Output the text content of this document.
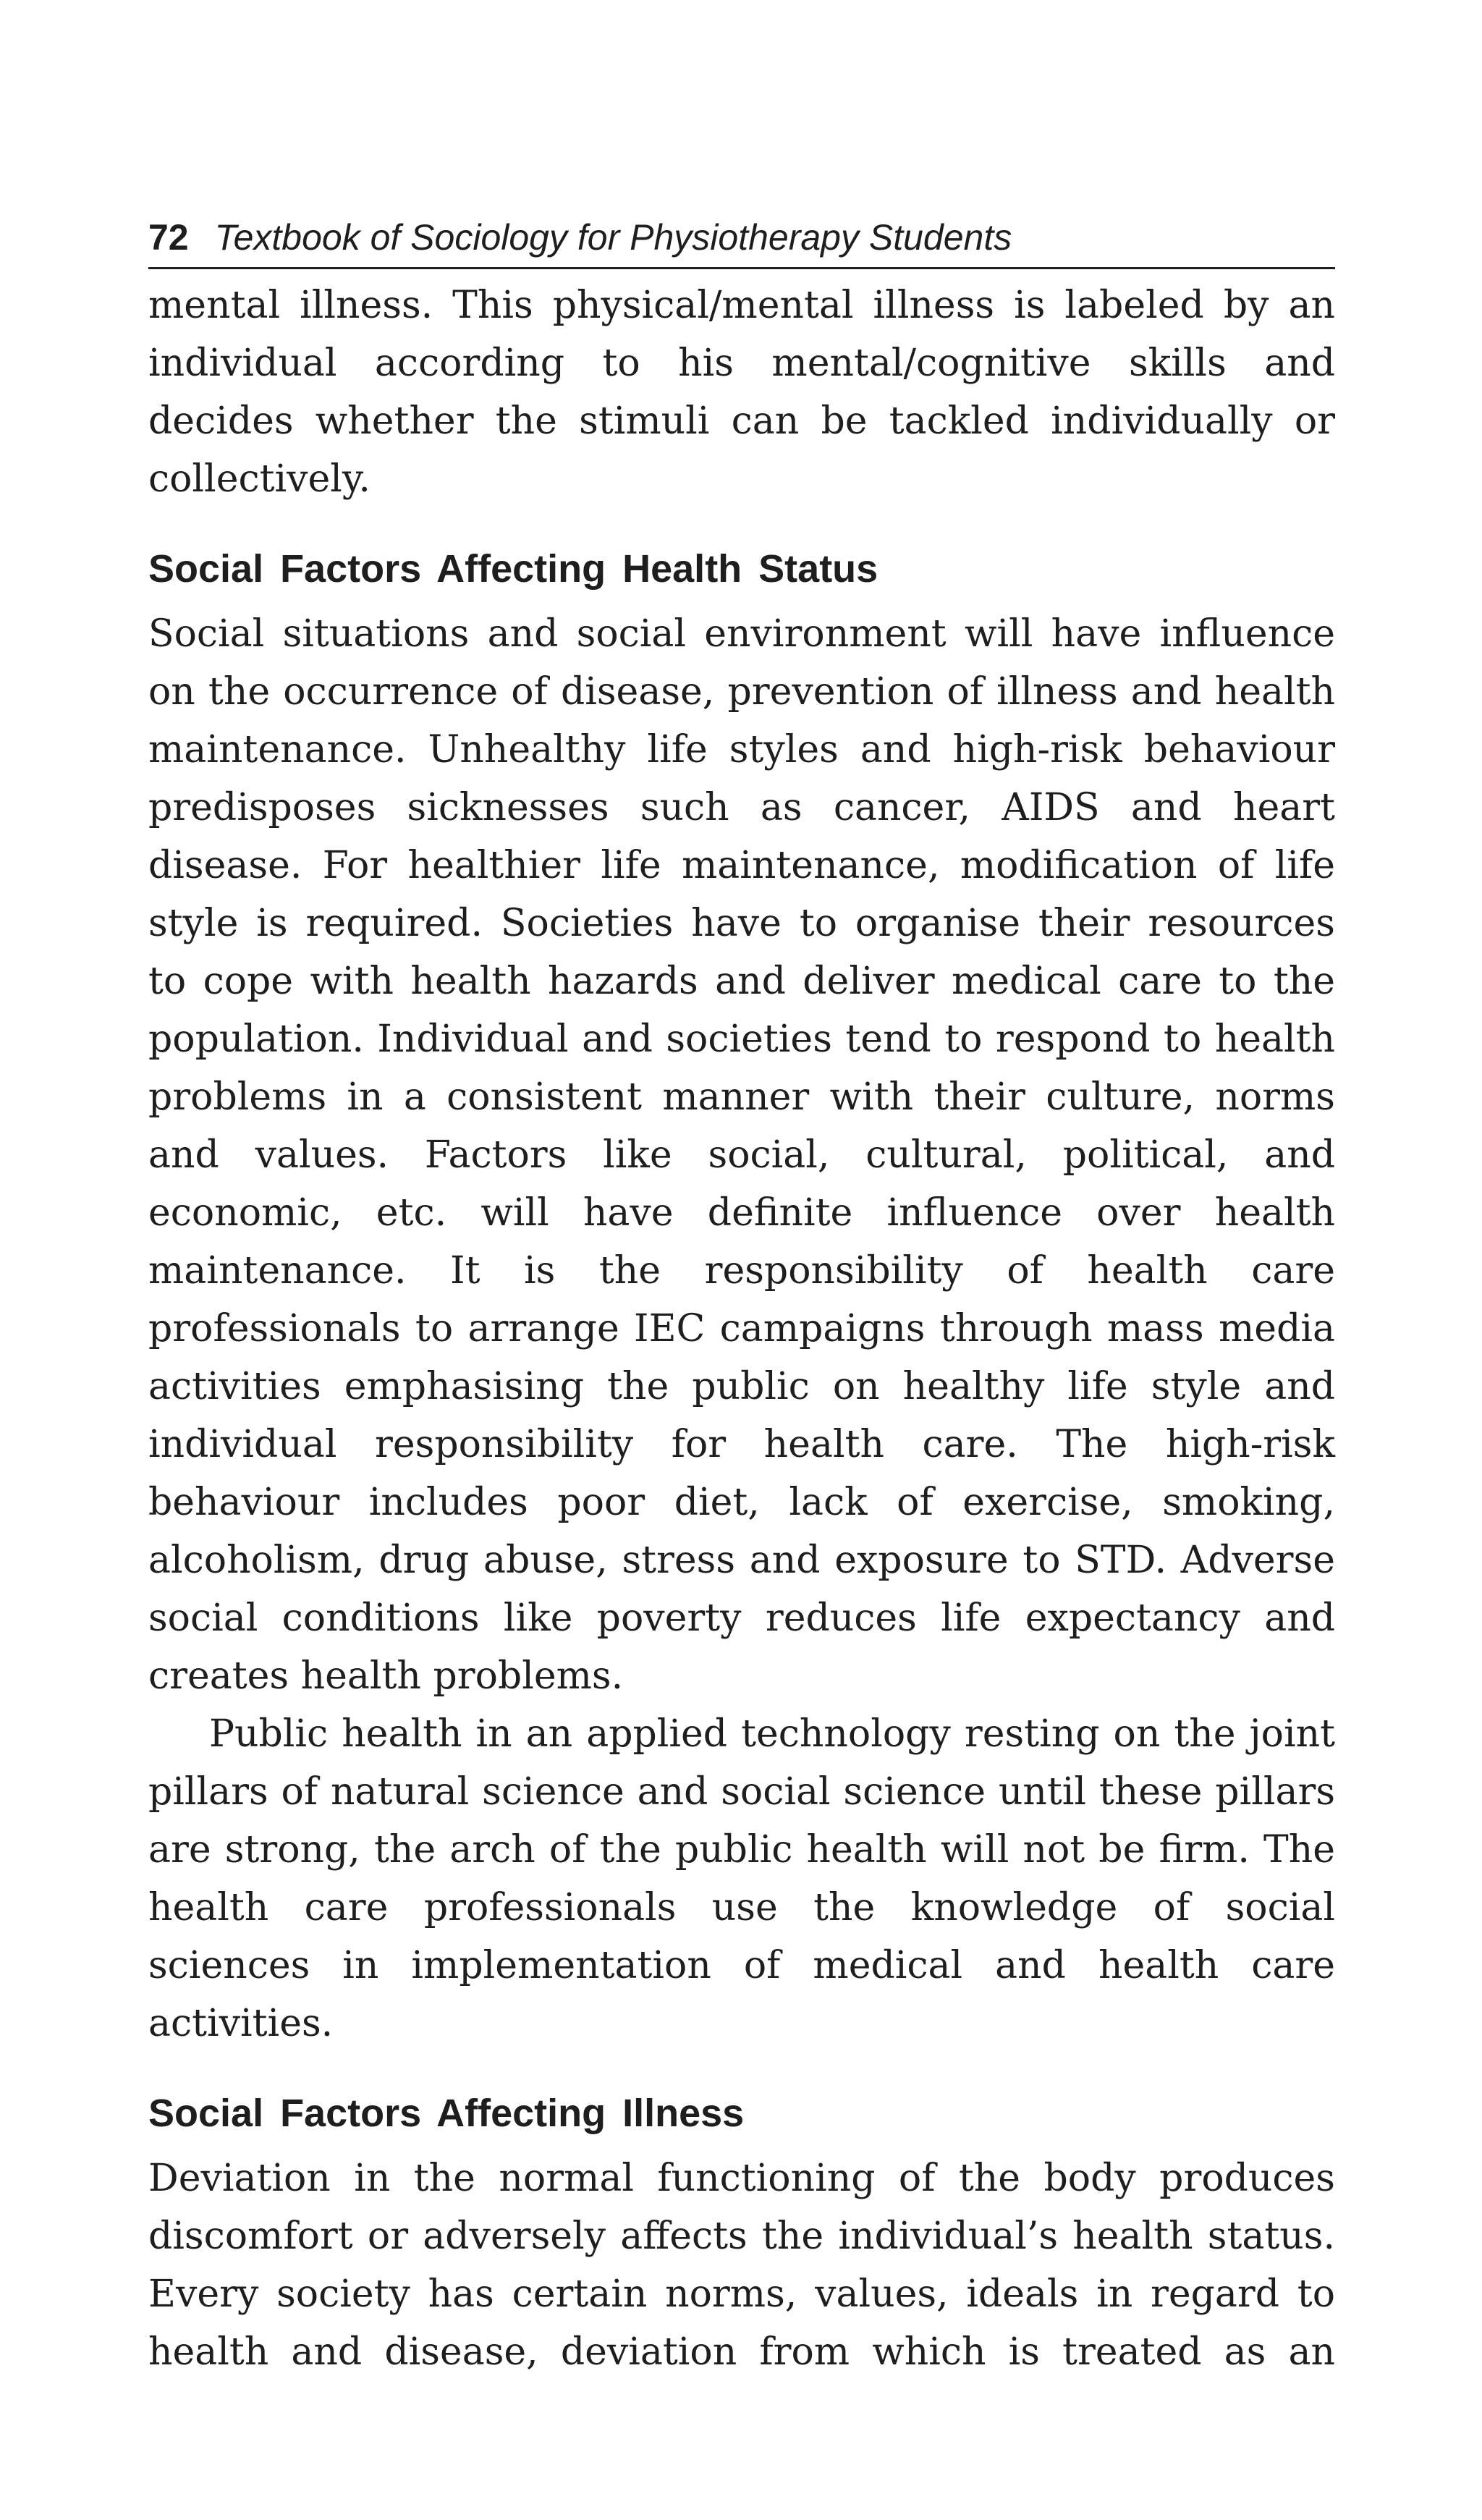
72 Textbook of Sociology for Physiotherapy Students

mental illness. This physical/mental illness is labeled by an individual according to his mental/cognitive skills and decides whether the stimuli can be tackled individually or collectively.

Social Factors Affecting Health Status

Social situations and social environment will have influence on the occurrence of disease, prevention of illness and health maintenance. Unhealthy life styles and high-risk behaviour predisposes sicknesses such as cancer, AIDS and heart disease. For healthier life maintenance, modification of life style is required. Societies have to organise their resources to cope with health hazards and deliver medical care to the population. Individual and societies tend to respond to health problems in a consistent manner with their culture, norms and values. Factors like social, cultural, political, and economic, etc. will have definite influence over health maintenance. It is the responsibility of health care professionals to arrange IEC campaigns through mass media activities emphasising the public on healthy life style and individual responsibility for health care. The high-risk behaviour includes poor diet, lack of exercise, smoking, alcoholism, drug abuse, stress and exposure to STD. Adverse social conditions like poverty reduces life expectancy and creates health problems.

Public health in an applied technology resting on the joint pillars of natural science and social science until these pillars are strong, the arch of the public health will not be firm. The health care professionals use the knowledge of social sciences in implementation of medical and health care activities.

Social Factors Affecting Illness

Deviation in the normal functioning of the body produces discomfort or adversely affects the individual’s health status. Every society has certain norms, values, ideals in regard to health and disease, deviation from which is treated as an
